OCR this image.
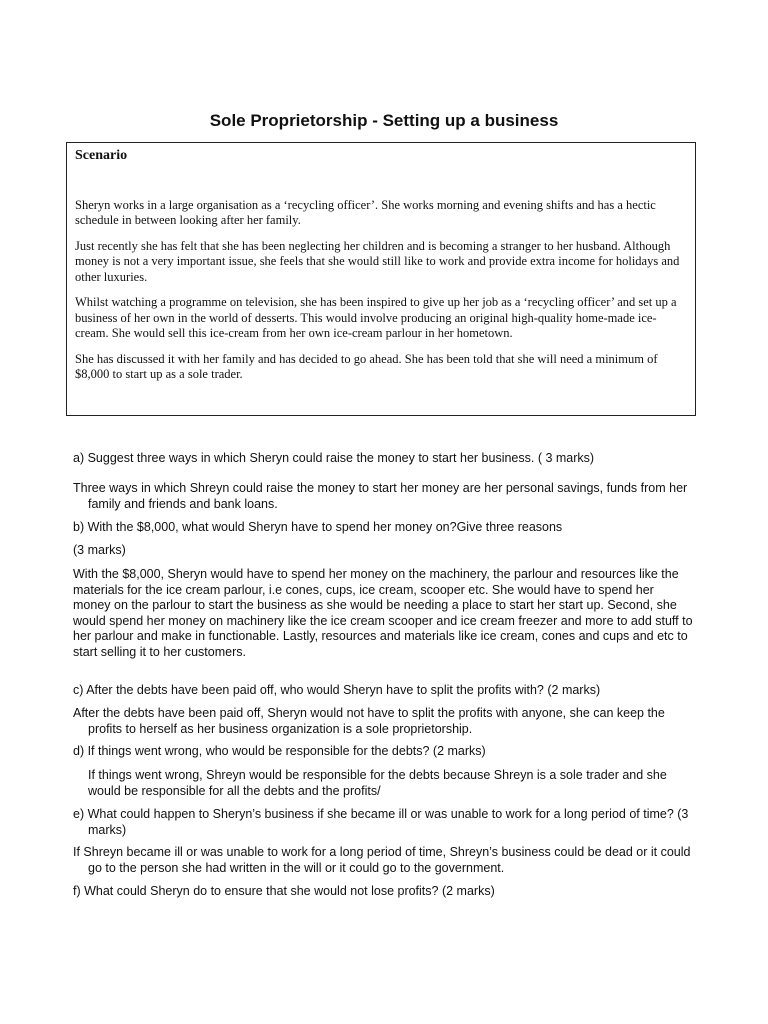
Sole Proprietorship - Setting up a business
Scenario

Sheryn works in a large organisation as a ‘recycling officer’. She works morning and evening shifts and has a hectic schedule in between looking after her family.

Just recently she has felt that she has been neglecting her children and is becoming a stranger to her husband. Although money is not a very important issue, she feels that she would still like to work and provide extra income for holidays and other luxuries.

Whilst watching a programme on television, she has been inspired to give up her job as a ‘recycling officer’ and set up a business of her own in the world of desserts. This would involve producing an original high-quality home-made ice-cream. She would sell this ice-cream from her own ice-cream parlour in her hometown.

She has discussed it with her family and has decided to go ahead. She has been told that she will need a minimum of $8,000 to start up as a sole trader.

a) Suggest three ways in which Sheryn could raise the money to start her business. ( 3 marks)

Three ways in which Shreyn could raise the money to start her money are her personal savings, funds from her family and friends and bank loans.

b) With the $8,000, what would Sheryn have to spend her money on?Give three reasons

(3 marks)

With the $8,000, Sheryn would have to spend her money on the machinery, the parlour and resources like the materials for the ice cream parlour, i.e cones, cups, ice cream, scooper etc. She would have to spend her money on the parlour to start the business as she would be needing a place to start her start up. Second, she would spend her money on machinery like the ice cream scooper and ice cream freezer and more to add stuff to her parlour and make in functionable. Lastly, resources and materials like ice cream, cones and cups and etc to start selling it to her customers.

c) After the debts have been paid off, who would Sheryn have to split the profits with? (2 marks)

After the debts have been paid off, Sheryn would not have to split the profits with anyone, she can keep the profits to herself as her business organization is a sole proprietorship.

d) If things went wrong, who would be responsible for the debts? (2 marks)

If things went wrong, Shreyn would be responsible for the debts because Shreyn is a sole trader and she would be responsible for all the debts and the profits/

e) What could happen to Sheryn’s business if she became ill or was unable to work for a long period of time? (3 marks)

If Shreyn became ill or was unable to work for a long period of time, Shreyn’s business could be dead or it could go to the person she had written in the will or it could go to the government.

f) What could Sheryn do to ensure that she would not lose profits? (2 marks)
